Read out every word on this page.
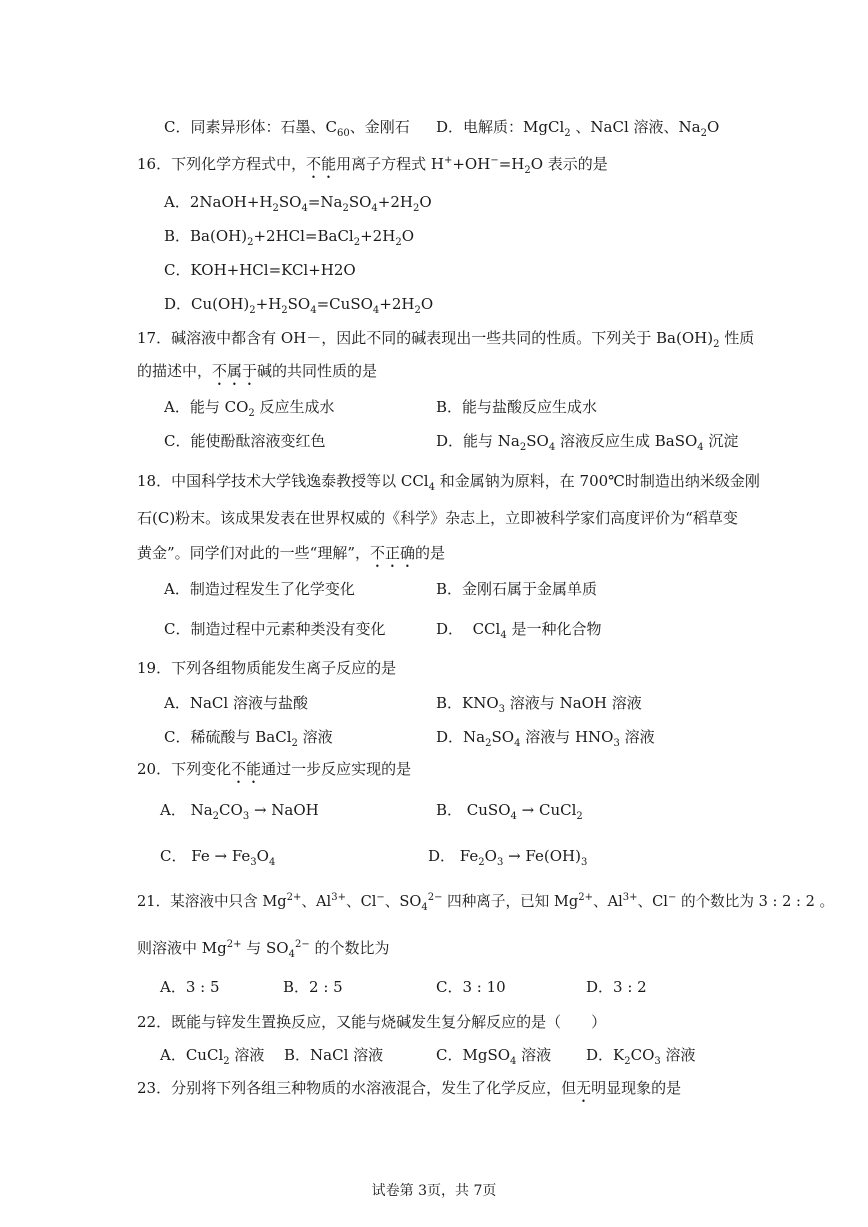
C．同素异形体：石墨、$C_{60}$、金刚石 D．电解质：MgCl$_2$ 、NaCl 溶液、$Na_2O$
16．下列化学方程式中，不能用离子方程式 $H^++OH^-=H_2O$ 表示的是
A．$2NaOH+H_2SO_4=Na_2SO_4+2H_2O$
B．$Ba(OH)_2+2HCl=BaCl_2+2H_2O$
C．KOH+HCl=KCl+H2O
D．$Cu(OH)_2+H_2SO_4=CuSO_4+2H_2O$
17．碱溶液中都含有 OH－，因此不同的碱表现出一些共同的性质。下列关于 $Ba(OH)_2$ 性质
的描述中，不属于碱的共同性质的是
A．能与 $CO_2$ 反应生成水	B．能与盐酸反应生成水
C．能使酚酞溶液变红色	D．能与 $Na_2SO_4$ 溶液反应生成 BaSO$_4$ 沉淀
18．中国科学技术大学钱逸泰教授等以 CCl$_4$ 和金属钠为原料，在 700℃时制造出纳米级金刚
石(C)粉末。该成果发表在世界权威的《科学》杂志上，立即被科学家们高度评价为“稻草变
黄金”。同学们对此的一些“理解”，不正确的是
A．制造过程发生了化学变化	B．金刚石属于金属单质
C．制造过程中元素种类没有变化	D．  CCl$_4$ 是一种化合物
19．下列各组物质能发生离子反应的是
A．NaCl 溶液与盐酸	B．$KNO_3$ 溶液与 NaOH 溶液
C．稀硫酸与 BaCl$_2$ 溶液	D．$Na_2SO_4$ 溶液与 $HNO_3$ 溶液
20．下列变化不能通过一步反应实现的是
A． $Na_2CO_3$ → NaOH	B． CuSO$_4$ → CuCl$_2$
C． $Fe \to Fe_3O_4$	D． $Fe_2O_3 \to Fe(OH)_3$
21．某溶液中只含 $Mg^{2+}$、$Al^{3+}$、Cl−、$SO_4^{2-}$ 四种离子，已知 $Mg^{2+}$、$Al^{3+}$、Cl− 的个数比为 3 : 2 : 2 。
则溶液中 $Mg^{2+}$ 与 $SO_4^{2-}$ 的个数比为
A．3 : 5	B．2 : 5	C．3 : 10	D．3 : 2
22．既能与锌发生置换反应，又能与烧碱发生复分解反应的是（　　）
A．CuCl$_2$ 溶液 B．NaCl 溶液	C．MgSO$_4$ 溶液 D．$K_2CO_3$ 溶液
23．分别将下列各组三种物质的水溶液混合，发生了化学反应，但无明显现象的是
试卷第 3页，共 7页
